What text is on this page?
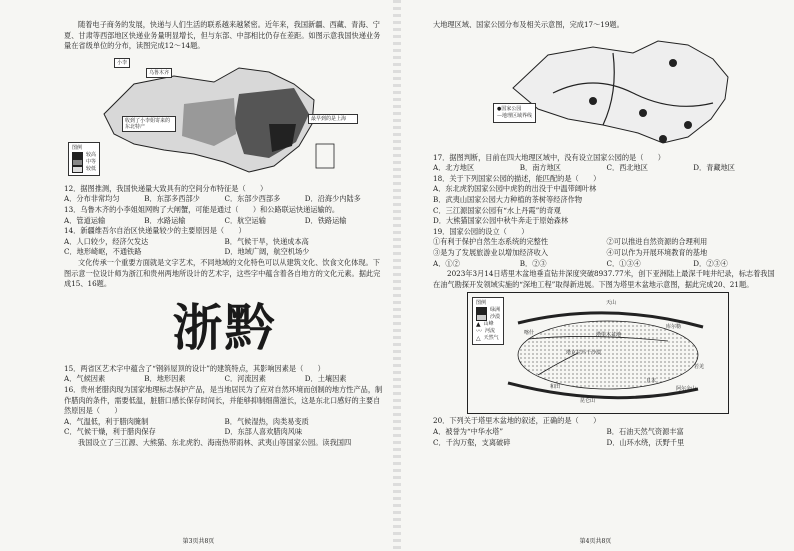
随着电子商务的发展，快递与人们生活的联系越来越紧密。近年来，我国新疆、西藏、青海、宁夏、甘肃等西部地区快递业务量明显增长，但与东部、中部相比仍存在差距。如图示意我国快递业务量在省级单位的分布，读图完成12～14题。

小李
乌鲁木齐
收到了小李姐寄来的东北特产
最早到的是上海
图例
较高
中等
较低

12．据图推测，我国快递量大致具有的空间分布特征是（　　）

A．分布非常均匀	B．东部多西部少	C．东部少西部多	D．沿海少内陆多

13．乌鲁木齐的小李姐姐网购了大闸蟹，可能是通过（　　）和公路联运快递运输的。

A．管道运输	B．水路运输	C．航空运输	D．铁路运输

14．新疆维吾尔自治区快递量较少的主要原因是（　　）

A．人口较少，经济欠发达	B．气候干旱，快递成本高
C．地形崎岖，不通铁路	D．地域广阔，航空机场少

文化传承一个重要方面就是文字艺术，不同地域的文化特色可以从建筑文化、饮食文化体现。下图示意一位设计师为浙江和贵州两地所设计的艺术字，这些字中蕴含着各自地方的文化元素。据此完成15、16题。

浙黔

15．两省区艺术字中蕴含了“钢斜屋顶的设计”的建筑特点，其影响因素是（　　）

A．气候因素	B．地形因素	C．河流因素	D．土壤因素

16．贵州老腊肉现为国家地理标志保护产品，是当地居民为了应对自然环境而创制的地方性产品，制作腊肉的条件，需要低温，脏腊口感长保存时间长，并能够抑制细菌滋长，这是东北口感好的主要自然原因是（　　）

A．气温低，利于腊肉腌制	B．气候湿热，肉类易变质
C．气候干燥，利于腊肉保存	D．东部人喜欢腊肉风味

我国设立了三江源、大熊猫、东北虎豹、海南热带雨林、武夷山等国家公园。读我国四

第3页共8页

大地理区域、国家公园分布及相关示意图，完成17～19题。

●国家公园
—地理区域界线

17．据图判断，目前在四大地理区域中，没有设立国家公园的是（　　）

A．北方地区	B．南方地区	C．西北地区	D．青藏地区

18．关于下列国家公园的描述，能匹配的是（　　）

A．东北虎豹国家公园中虎豹的出没于中温带阔叶林

B．武夷山国家公园大力种植的茶树等经济作物

C．三江源国家公园有“水上丹霞”的奇观

D．大熊猫国家公园中秋牛奔走于原始森林

19．国家公园的设立（　　）

①有利于保护自然生态系统的完整性	②可以推进自然资源的合理利用
③是为了发展旅游业以增加经济收入	④可以作为开展环境教育的基地
A．①②	B．②③	C．①③④	D．②③④

2023年3月14日塔里木盆地垂直钻井深度突破8937.77米，创下亚洲陆上最深千吨井纪录，标志着我国在油气勘探开发领域实施的“深地工程”取得新进展。下图为塔里木盆地示意图，据此完成20、21题。

图例
绿洲
沙漠
▲ 山峰
〰 河流
△ 天然气
塔克拉玛干沙漠
塔里木盆地
昆仑山
天山
阿尔金山
喀什
和田
且末
库尔勒
若羌

20．下列关于塔里木盆地的叙述，正确的是（　　）

A．被誉为“中华水塔”	B．石油天然气资源丰富
C．千沟万壑，支离破碎	D．山环水绕，沃野千里
第4页共8页
